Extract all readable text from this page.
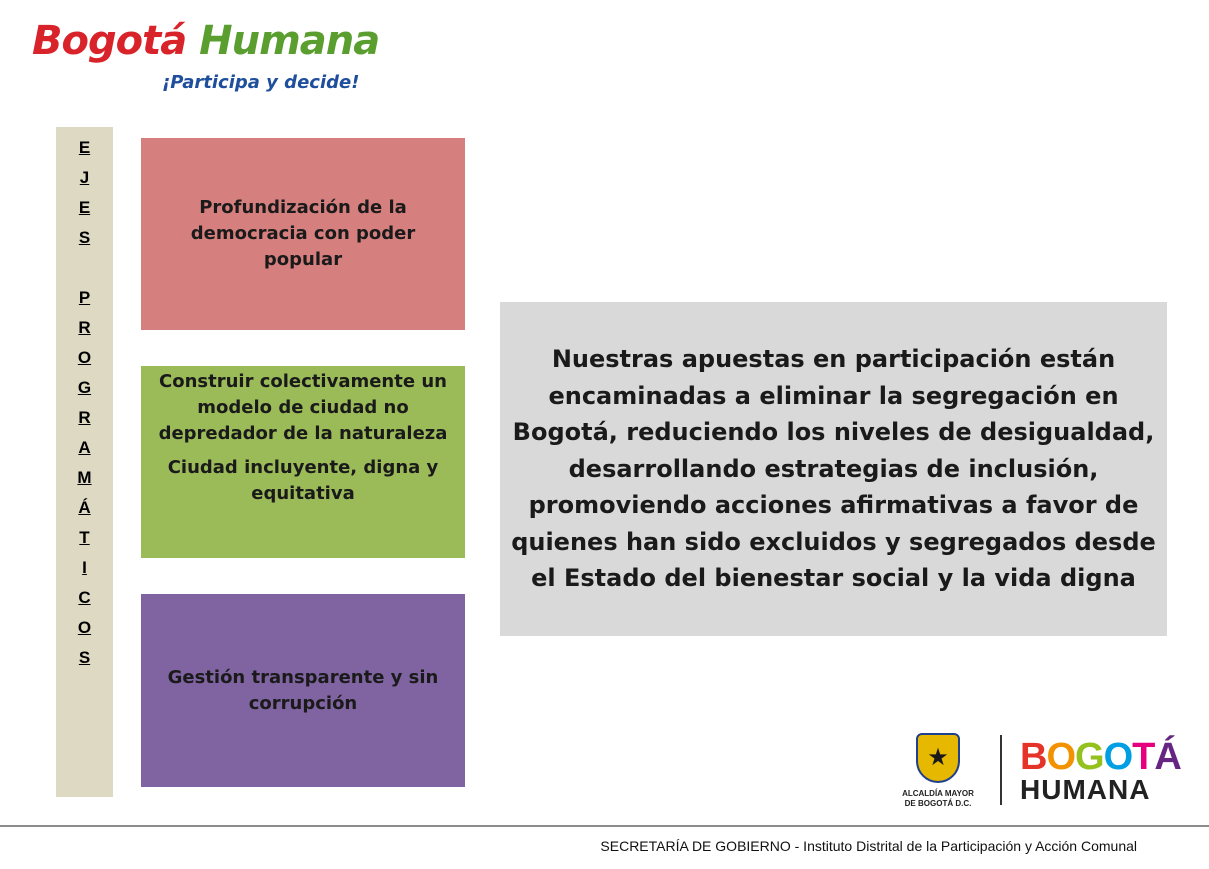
Bogotá Humana
¡Participa y decide!
E
J
E
S
P
R
O
G
R
A
M
Á
T
I
C
O
S
Profundización de la democracia con poder popular
Construir colectivamente un modelo de ciudad no depredador de la naturaleza
Ciudad incluyente, digna y equitativa
Gestión transparente y sin corrupción
Nuestras apuestas en participación están encaminadas a eliminar la segregación en Bogotá, reduciendo los niveles de desigualdad, desarrollando estrategias de inclusión, promoviendo acciones afirmativas a favor de quienes han sido excluidos y segregados desde el Estado del bienestar social y la vida digna
★
ALCALDÍA MAYOR
DE BOGOTÁ D.C.
BOGOTÁ
HUMANA
SECRETARÍA DE GOBIERNO - Instituto Distrital de la Participación y Acción Comunal
